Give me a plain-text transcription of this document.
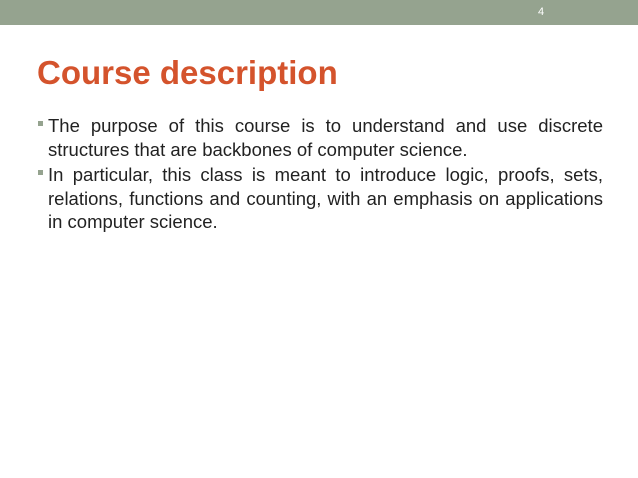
4
Course description
The purpose of this course is to understand and use discrete structures that are backbones of computer science.
In particular, this class is meant to introduce logic, proofs, sets, relations, functions and counting, with an emphasis on applications in computer science.
